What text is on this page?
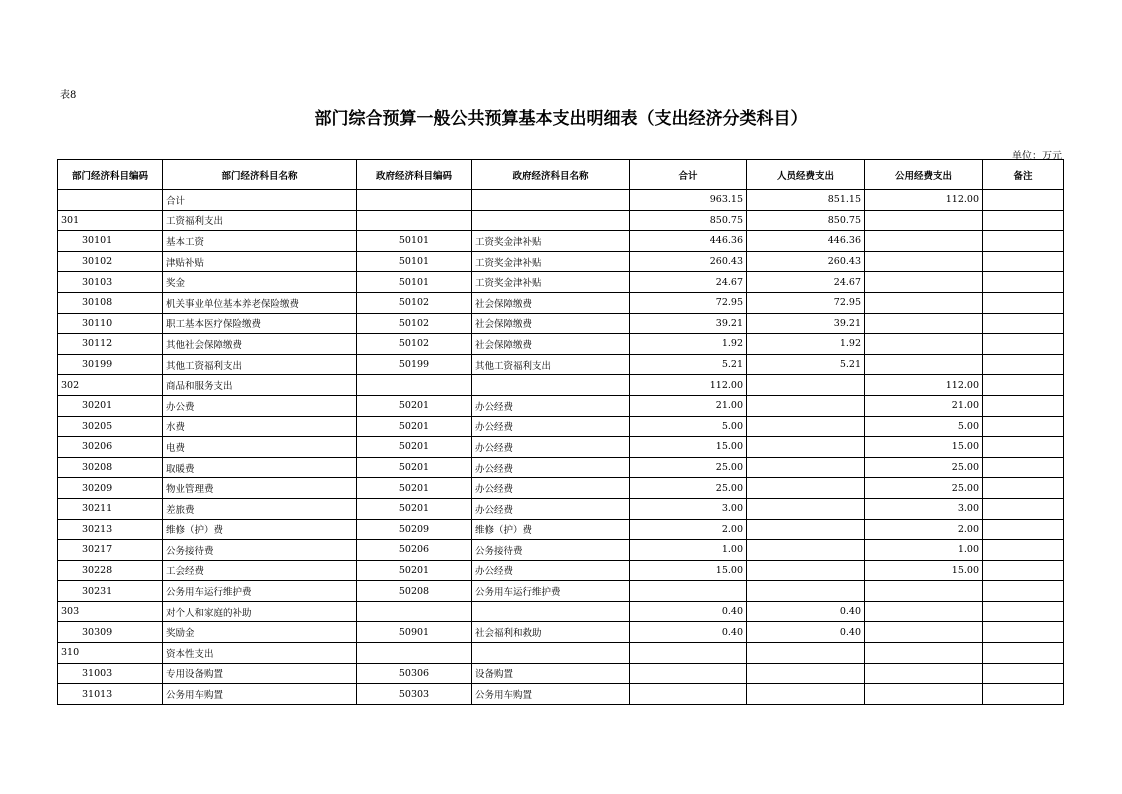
表8
部门综合预算一般公共预算基本支出明细表（支出经济分类科目）
单位：万元
部门经济科目编码	部门经济科目名称	政府经济科目编码	政府经济科目名称	合计	人员经费支出	公用经费支出	备注
	合计			963.15	851.15	112.00	
301	工资福利支出			850.75	850.75		
30101	基本工资	50101	工资奖金津补贴	446.36	446.36		
30102	津贴补贴	50101	工资奖金津补贴	260.43	260.43		
30103	奖金	50101	工资奖金津补贴	24.67	24.67		
30108	机关事业单位基本养老保险缴费	50102	社会保障缴费	72.95	72.95		
30110	职工基本医疗保险缴费	50102	社会保障缴费	39.21	39.21		
30112	其他社会保障缴费	50102	社会保障缴费	1.92	1.92		
30199	其他工资福利支出	50199	其他工资福利支出	5.21	5.21		
302	商品和服务支出			112.00		112.00	
30201	办公费	50201	办公经费	21.00		21.00	
30205	水费	50201	办公经费	5.00		5.00	
30206	电费	50201	办公经费	15.00		15.00	
30208	取暖费	50201	办公经费	25.00		25.00	
30209	物业管理费	50201	办公经费	25.00		25.00	
30211	差旅费	50201	办公经费	3.00		3.00	
30213	维修（护）费	50209	维修（护）费	2.00		2.00	
30217	公务接待费	50206	公务接待费	1.00		1.00	
30228	工会经费	50201	办公经费	15.00		15.00	
30231	公务用车运行维护费	50208	公务用车运行维护费				
303	对个人和家庭的补助			0.40	0.40		
30309	奖励金	50901	社会福利和救助	0.40	0.40		
310	资本性支出						
31003	专用设备购置	50306	设备购置				
31013	公务用车购置	50303	公务用车购置				
